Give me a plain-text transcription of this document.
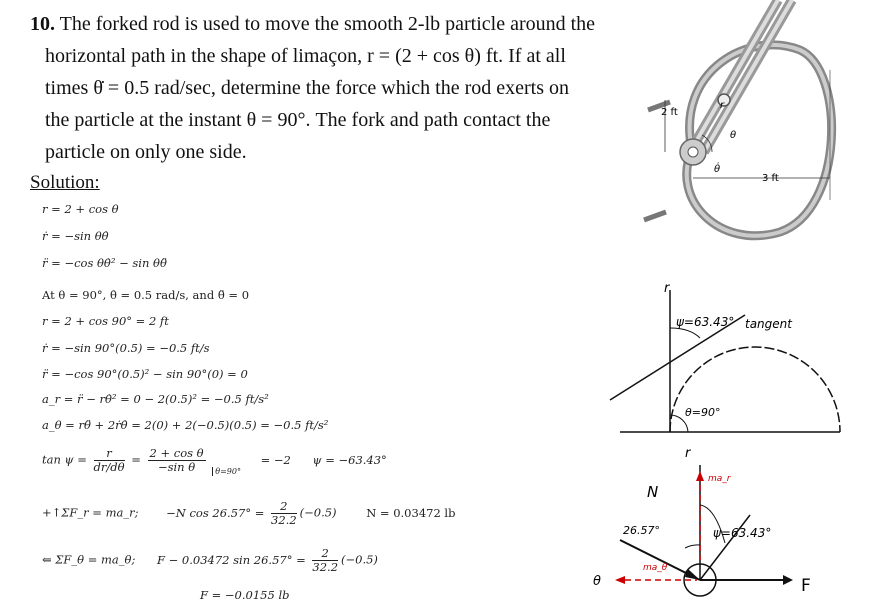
10. The forked rod is used to move the smooth 2-lb particle around the
horizontal path in the shape of limaçon, r = (2 + cos θ) ft. If at all
times θ̇ = 0.5 rad/sec, determine the force which the rod exerts on
the particle at the instant θ = 90°. The fork and path contact the
particle on only one side.
Solution:
r = 2 + cos θ
ṙ = −sin θθ̇
r̈ = −cos θθ̇² − sin θθ̈
At θ = 90°, θ̇ = 0.5 rad/s, and θ̈ = 0
r = 2 + cos 90° = 2 ft
ṙ = −sin 90°(0.5) = −0.5 ft/s
r̈ = −cos 90°(0.5)² − sin 90°(0) = 0
a_r = r̈ − rθ̇² = 0 − 2(0.5)² = −0.5 ft/s²
a_θ = rθ̈ + 2ṙθ̇ = 2(0) + 2(−0.5)(0.5) = −0.5 ft/s²
$\tan \psi = \frac{r}{dr/d\theta} = \frac{\text{2 + cos θ}}{\text{−sin θ}} _{\theta=90^\circ} = -2$ ψ = −63.43°
+↑ΣF_r = ma_r; −N $\cos 26.57^\circ = \frac{2}{32.2} (-0.5)$	N = 0.03472 lb
⇐ ΣF_θ = ma_θ; F − 0.03472 $\sin 26.57^\circ = \frac{2}{32.2} (-0.5)$
F = −0.0155 lb
2 ft
r
θ
θ̇
3 ft
r
ψ=63.43° tangent
θ=90°
r
N
ma_r
26.57°	ψ=63.43°
ma_θ
θ	F
